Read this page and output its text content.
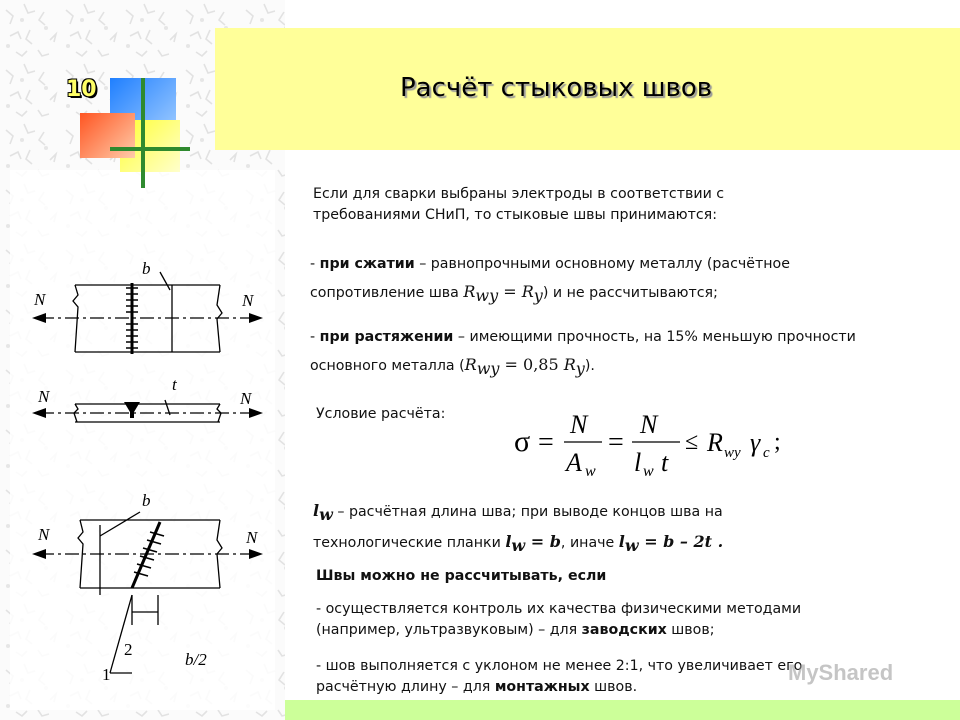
10	Расчёт стыковых швов
N	N
b
N	N
t
N	N
b
2
1
b/2
Если для сварки выбраны электроды в соответствии с требованиями СНиП, то стыковые швы принимаются:
- при сжатии – равнопрочными основному металлу (расчётное сопротивление шва $R_{wy} = R_y$) и не рассчитываются;
- при растяжении – имеющими прочность, на 15% меньшую прочности основного металла ($R_{wy} = 0,85$ $R_y$).
Условие расчёта:
σ =
N
A w
=
N
l w t
≤ R wy γ c ;
$l_w$ – расчётная длина шва; при выводе концов шва на технологические планки $l_w = b$, иначе $l_w = b - 2t$ .
Швы можно не рассчитывать, если
- осуществляется контроль их качества физическими методами (например, ультразвуковым) – для заводских швов;
- шов выполняется с уклоном не менее 2:1, что увеличивает его расчётную длину – для монтажных швов.
MyShared
